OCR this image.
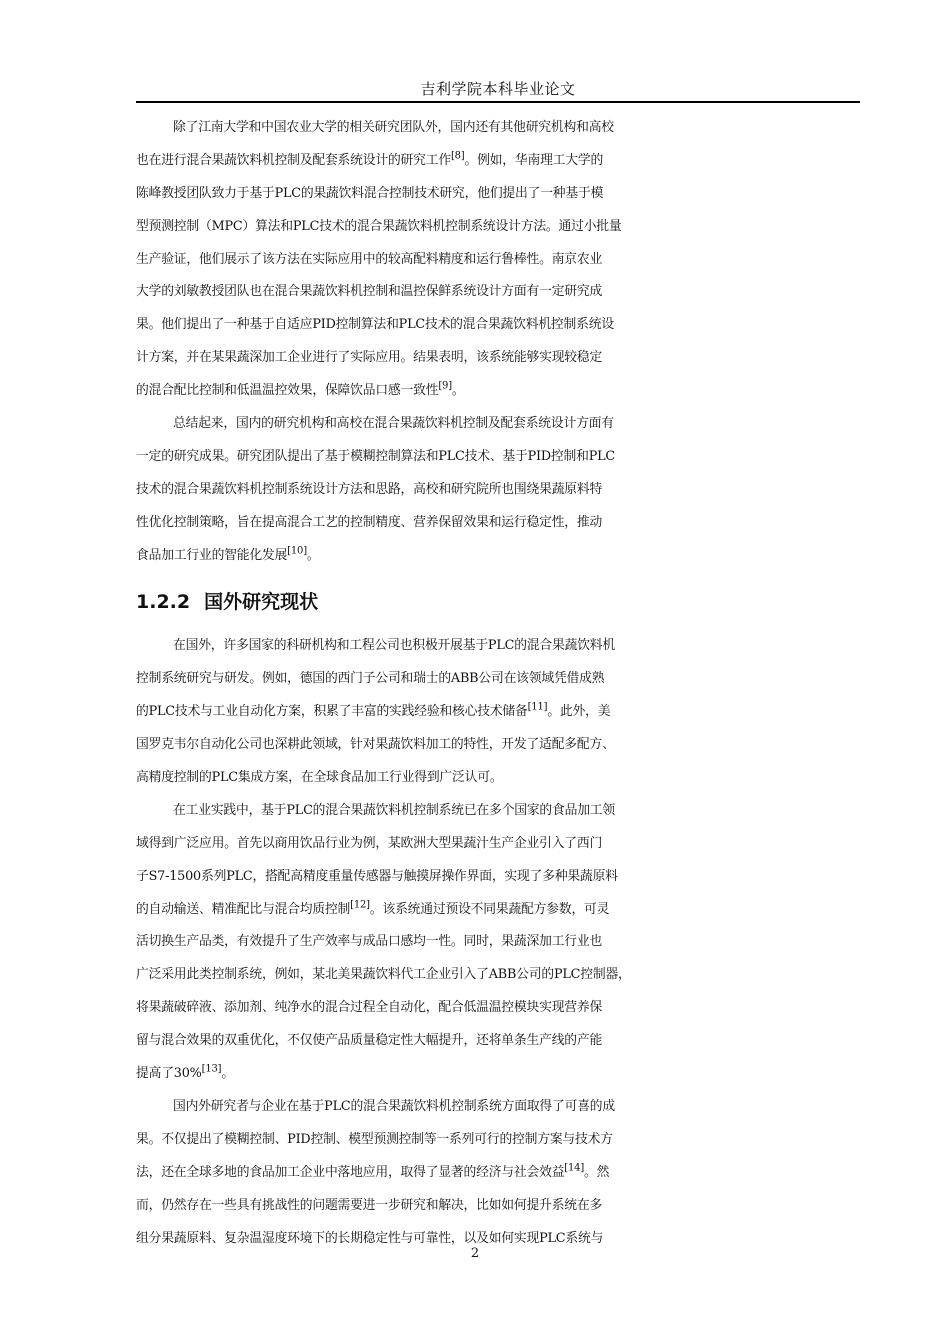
吉利学院本科毕业论文
除了江南大学和中国农业大学的相关研究团队外，国内还有其他研究机构和高校
也在进行混合果蔬饮料机控制及配套系统设计的研究工作[8]。例如，华南理工大学的
陈峰教授团队致力于基于PLC的果蔬饮料混合控制技术研究，他们提出了一种基于模
型预测控制（MPC）算法和PLC技术的混合果蔬饮料机控制系统设计方法。通过小批量
生产验证，他们展示了该方法在实际应用中的较高配料精度和运行鲁棒性。南京农业
大学的刘敏教授团队也在混合果蔬饮料机控制和温控保鲜系统设计方面有一定研究成
果。他们提出了一种基于自适应PID控制算法和PLC技术的混合果蔬饮料机控制系统设
计方案，并在某果蔬深加工企业进行了实际应用。结果表明，该系统能够实现较稳定
的混合配比控制和低温温控效果，保障饮品口感一致性[9]。
总结起来，国内的研究机构和高校在混合果蔬饮料机控制及配套系统设计方面有
一定的研究成果。研究团队提出了基于模糊控制算法和PLC技术、基于PID控制和PLC
技术的混合果蔬饮料机控制系统设计方法和思路，高校和研究院所也围绕果蔬原料特
性优化控制策略，旨在提高混合工艺的控制精度、营养保留效果和运行稳定性，推动
食品加工行业的智能化发展[10]。
1.2.2 国外研究现状
在国外，许多国家的科研机构和工程公司也积极开展基于PLC的混合果蔬饮料机
控制系统研究与研发。例如，德国的西门子公司和瑞士的ABB公司在该领域凭借成熟
的PLC技术与工业自动化方案，积累了丰富的实践经验和核心技术储备[11]。此外，美
国罗克韦尔自动化公司也深耕此领域，针对果蔬饮料加工的特性，开发了适配多配方、
高精度控制的PLC集成方案，在全球食品加工行业得到广泛认可。
在工业实践中，基于PLC的混合果蔬饮料机控制系统已在多个国家的食品加工领
域得到广泛应用。首先以商用饮品行业为例，某欧洲大型果蔬汁生产企业引入了西门
子S7-1500系列PLC，搭配高精度重量传感器与触摸屏操作界面，实现了多种果蔬原料
的自动输送、精准配比与混合均质控制[12]。该系统通过预设不同果蔬配方参数，可灵
活切换生产品类，有效提升了生产效率与成品口感均一性。同时，果蔬深加工行业也
广泛采用此类控制系统，例如，某北美果蔬饮料代工企业引入了ABB公司的PLC控制器，
将果蔬破碎液、添加剂、纯净水的混合过程全自动化，配合低温温控模块实现营养保
留与混合效果的双重优化，不仅使产品质量稳定性大幅提升，还将单条生产线的产能
提高了30%[13]。
国内外研究者与企业在基于PLC的混合果蔬饮料机控制系统方面取得了可喜的成
果。不仅提出了模糊控制、PID控制、模型预测控制等一系列可行的控制方案与技术方
法，还在全球多地的食品加工企业中落地应用，取得了显著的经济与社会效益[14]。然
而，仍然存在一些具有挑战性的问题需要进一步研究和解决，比如如何提升系统在多
组分果蔬原料、复杂温湿度环境下的长期稳定性与可靠性，以及如何实现PLC系统与
2
